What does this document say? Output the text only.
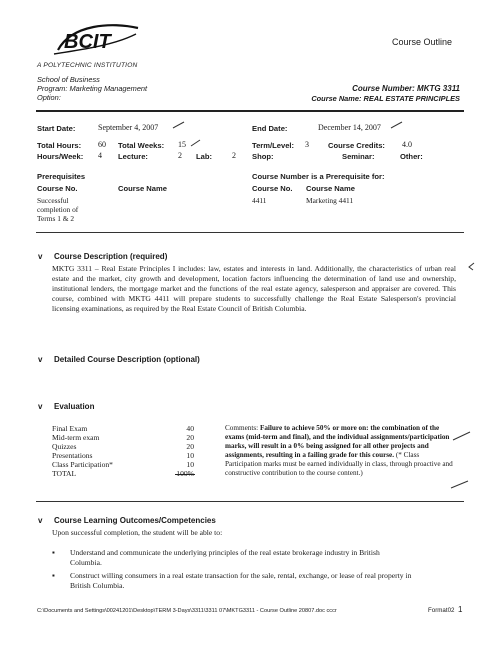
BCIT
A POLYTECHNIC INSTITUTION
School of Business
Program: Marketing Management
Option:
Course Outline
Course Number: MKTG 3311
Course Name: REAL ESTATE PRINCIPLES
Start Date:	September 4, 2007	End Date:	December 14, 2007
Total Hours: 60 Total Weeks: 15	Term/Level: 3	Course Credits: 4.0
Hours/Week: 4 Lecture:	2 Lab: 2 Shop:	Seminar:	Other:
Prerequisites
Course No.	Course Name
Successful completion of Terms 1 & 2
Course Number is a Prerequisite for:
Course No. Course Name
4411	Marketing 4411
v Course Description (required)
MKTG 3311 – Real Estate Principles I includes: law, estates and interests in land. Additionally, the characteristics of urban real estate and the market, city growth and development, location factors influencing the determination of land use and ownership, institutional lenders, the mortgage market and the functions of the real estate agency, salesperson and appraiser are covered. This course, combined with MKTG 4411 will prepare students to successfully challenge the Real Estate Salesperson's provincial licensing examinations, as required by the Real Estate Council of British Columbia.
v Detailed Course Description (optional)
v Evaluation
Final Exam	40
Mid-term exam	20
Quizzes	20
Presentations	10
Class Participation*	10
TOTAL	100%
Comments: Failure to achieve 50% or more on: the combination of the exams (mid-term and final), and the individual assignments/participation marks, will result in a 0% being assigned for all other projects and assignments, resulting in a failing grade for this course. (* Class Participation marks must be earned individually in class, through proactive and constructive contribution to the course content.)
v Course Learning Outcomes/Competencies
Upon successful completion, the student will be able to:
▪ Understand and communicate the underlying principles of the real estate brokerage industry in British Columbia.
▪ Construct willing consumers in a real estate transaction for the sale, rental, exchange, or lease of real property in British Columbia.
C:\Documents and Settings\00241201\Desktop\TERM 3-Days\3311\3311 07\MKTG3311 - Course Outline 20807.doc cccr	Format02 1
